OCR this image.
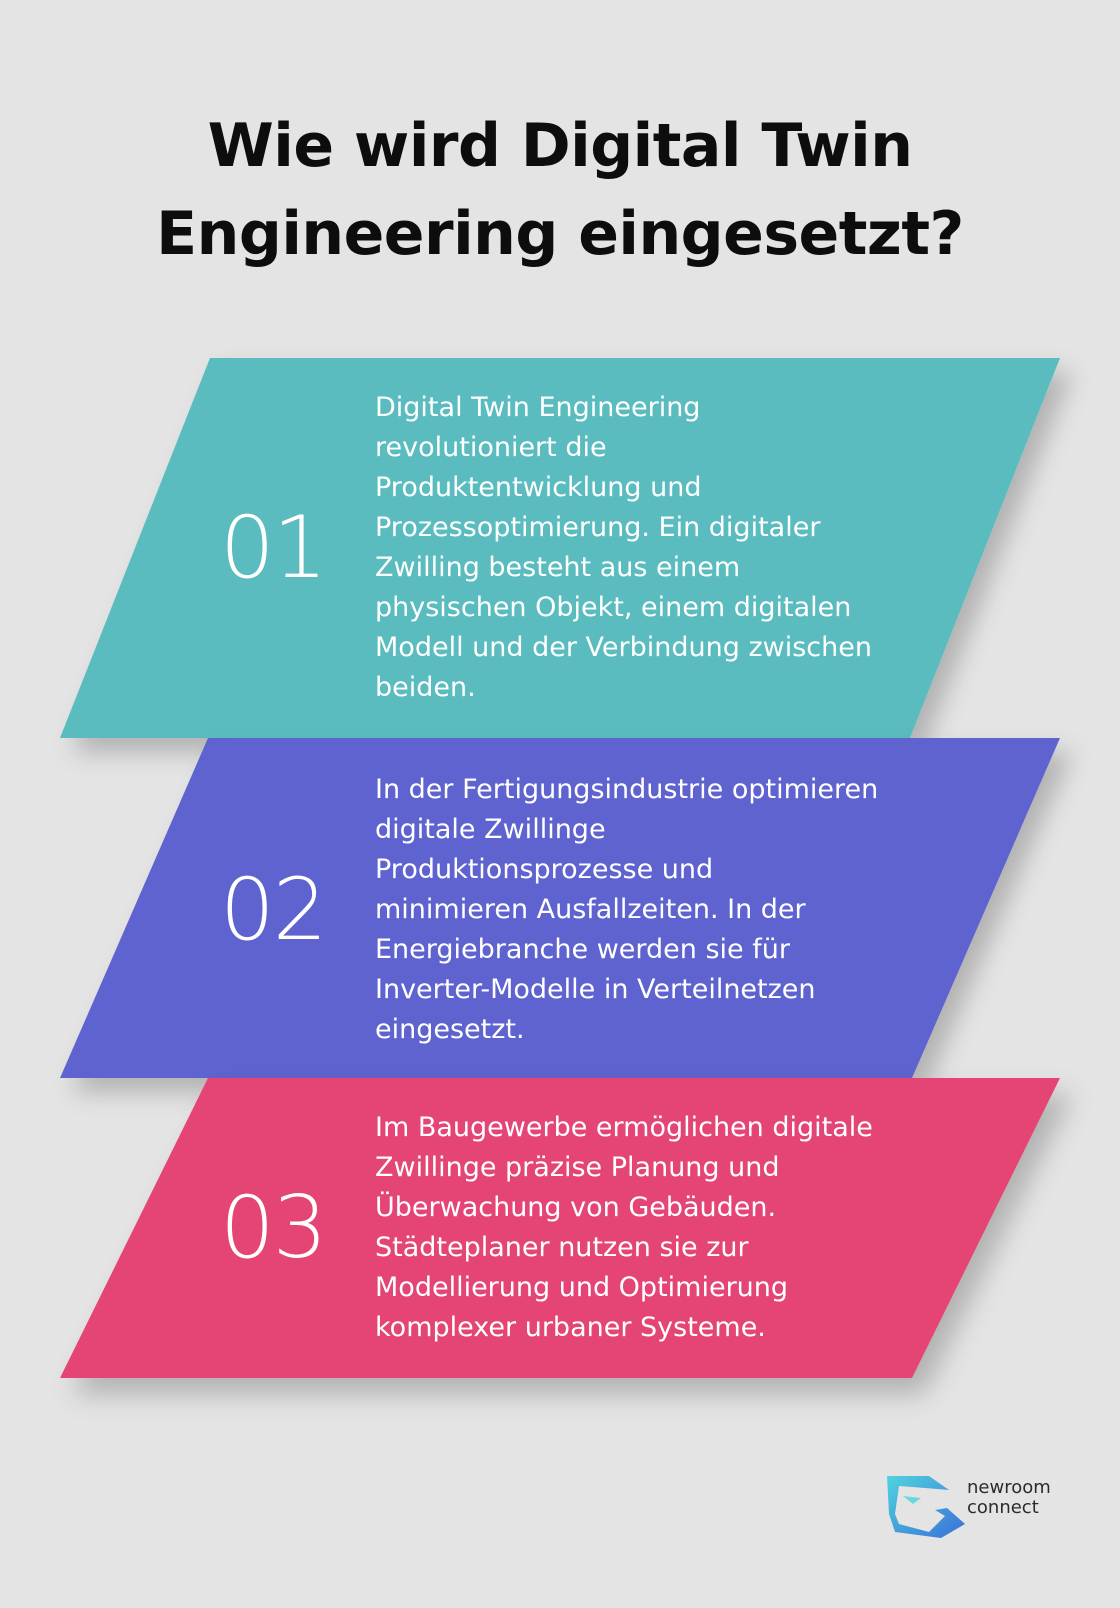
Wie wird Digital Twin
Engineering eingesetzt?
01
Digital Twin Engineering
revolutioniert die
Produktentwicklung und
Prozessoptimierung. Ein digitaler
Zwilling besteht aus einem
physischen Objekt, einem digitalen
Modell und der Verbindung zwischen
beiden.
02
In der Fertigungsindustrie optimieren
digitale Zwillinge
Produktionsprozesse und
minimieren Ausfallzeiten. In der
Energiebranche werden sie für
Inverter-Modelle in Verteilnetzen
eingesetzt.
03
Im Baugewerbe ermöglichen digitale
Zwillinge präzise Planung und
Überwachung von Gebäuden.
Städteplaner nutzen sie zur
Modellierung und Optimierung
komplexer urbaner Systeme.
newroom
connect
